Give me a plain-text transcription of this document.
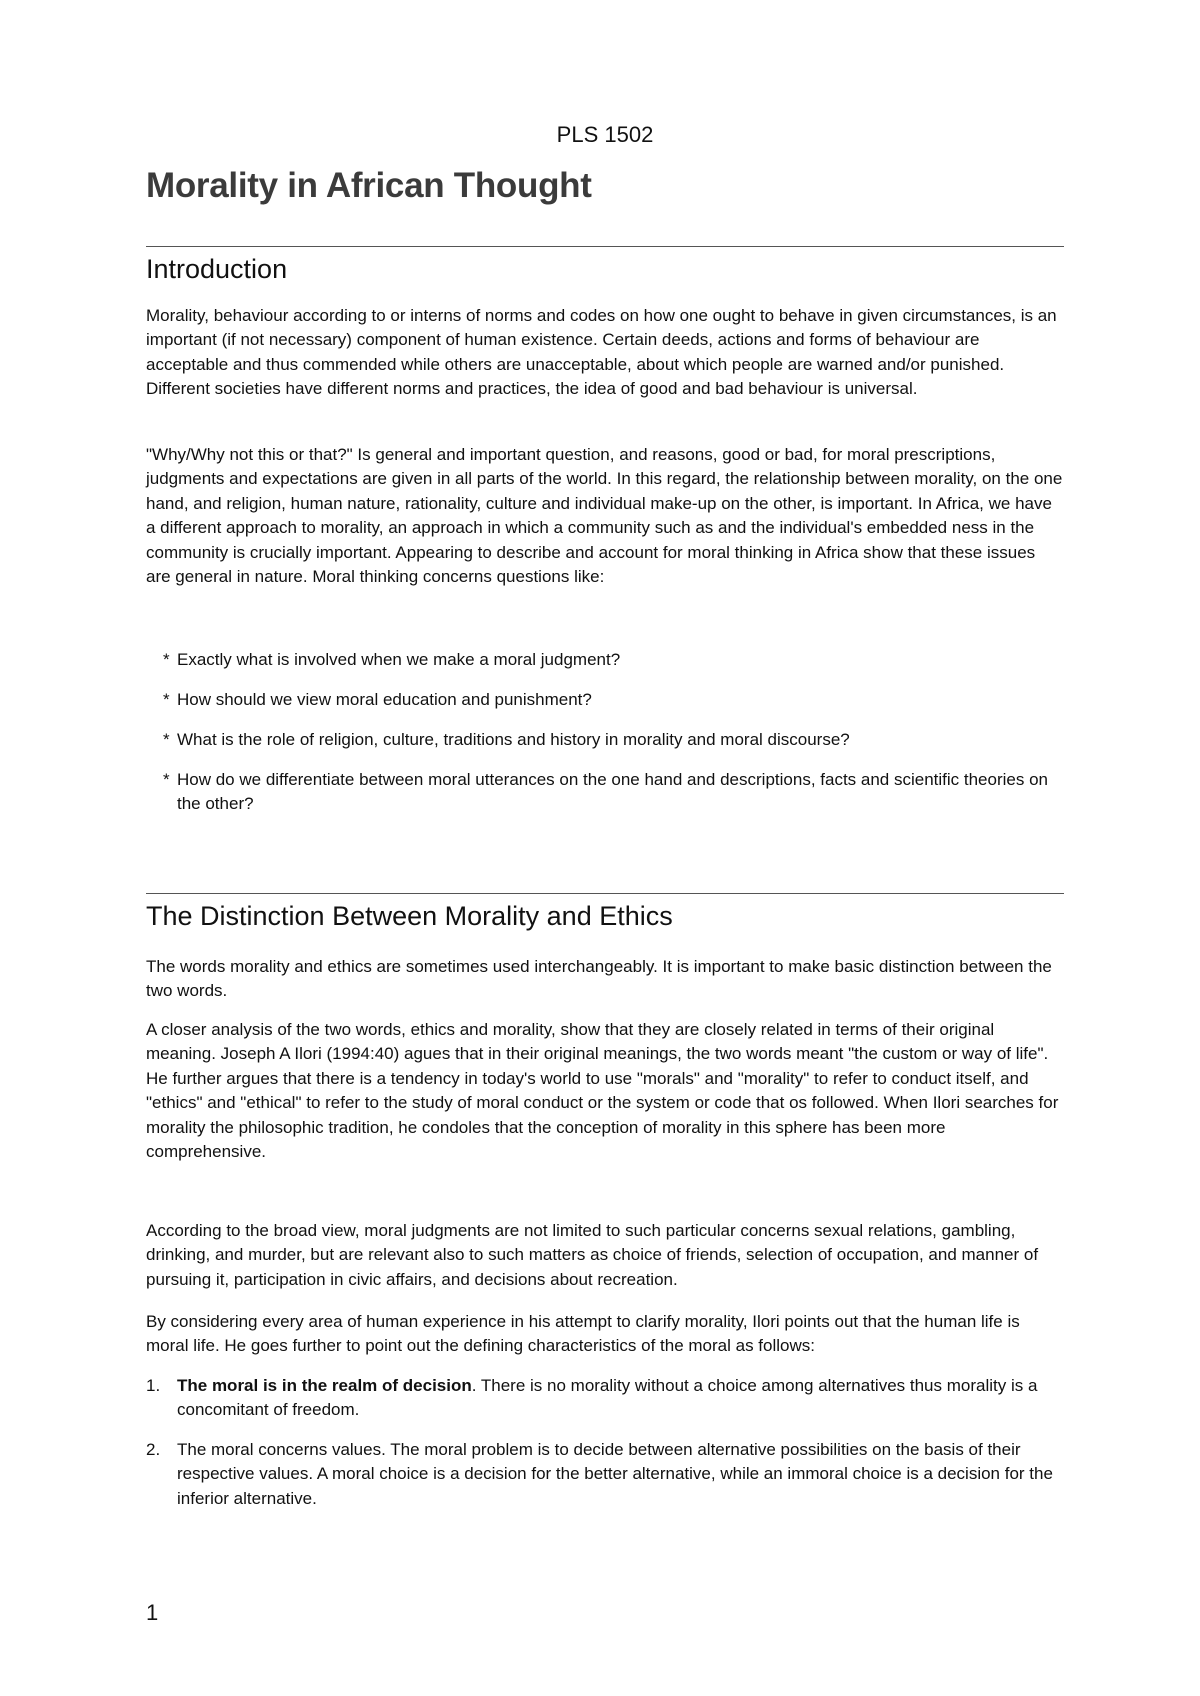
PLS 1502

Morality in African Thought
Introduction

Morality, behaviour according to or interns of norms and codes on how one ought to behave in given circumstances, is an important (if not necessary) component of human existence. Certain deeds, actions and forms of behaviour are acceptable and thus commended while others are unacceptable, about which people are warned and/or punished. Different societies have different norms and practices, the idea of good and bad behaviour is universal.

"Why/Why not this or that?" Is general and important question, and reasons, good or bad, for moral prescriptions, judgments and expectations are given in all parts of the world. In this regard, the relationship between morality, on the one hand, and religion, human nature, rationality, culture and individual make-up on the other, is important. In Africa, we have a different approach to morality, an approach in which a community such as and the individual's embedded ness in the community is crucially important. Appearing to describe and account for moral thinking in Africa show that these issues are general in nature. Moral thinking concerns questions like:

* Exactly what is involved when we make a moral judgment?
* How should we view moral education and punishment?
* What is the role of religion, culture, traditions and history in morality and moral discourse?
* How do we differentiate between moral utterances on the one hand and descriptions, facts and scientific theories on the other?
The Distinction Between Morality and Ethics

The words morality and ethics are sometimes used interchangeably. It is important to make basic distinction between the two words.

A closer analysis of the two words, ethics and morality, show that they are closely related in terms of their original meaning. Joseph A Ilori (1994:40) agues that in their original meanings, the two words meant "the custom or way of life". He further argues that there is a tendency in today's world to use "morals" and "morality" to refer to conduct itself, and "ethics" and "ethical" to refer to the study of moral conduct or the system or code that os followed. When Ilori searches for morality the philosophic tradition, he condoles that the conception of morality in this sphere has been more comprehensive.

According to the broad view, moral judgments are not limited to such particular concerns sexual relations, gambling, drinking, and murder, but are relevant also to such matters as choice of friends, selection of occupation, and manner of pursuing it, participation in civic affairs, and decisions about recreation.

By considering every area of human experience in his attempt to clarify morality, Ilori points out that the human life is moral life. He goes further to point out the defining characteristics of the moral as follows:

1. The moral is in the realm of decision. There is no morality without a choice among alternatives thus morality is a concomitant of freedom.
2. The moral concerns values. The moral problem is to decide between alternative possibilities on the basis of their respective values. A moral choice is a decision for the better alternative, while an immoral choice is a decision for the inferior alternative.

1
